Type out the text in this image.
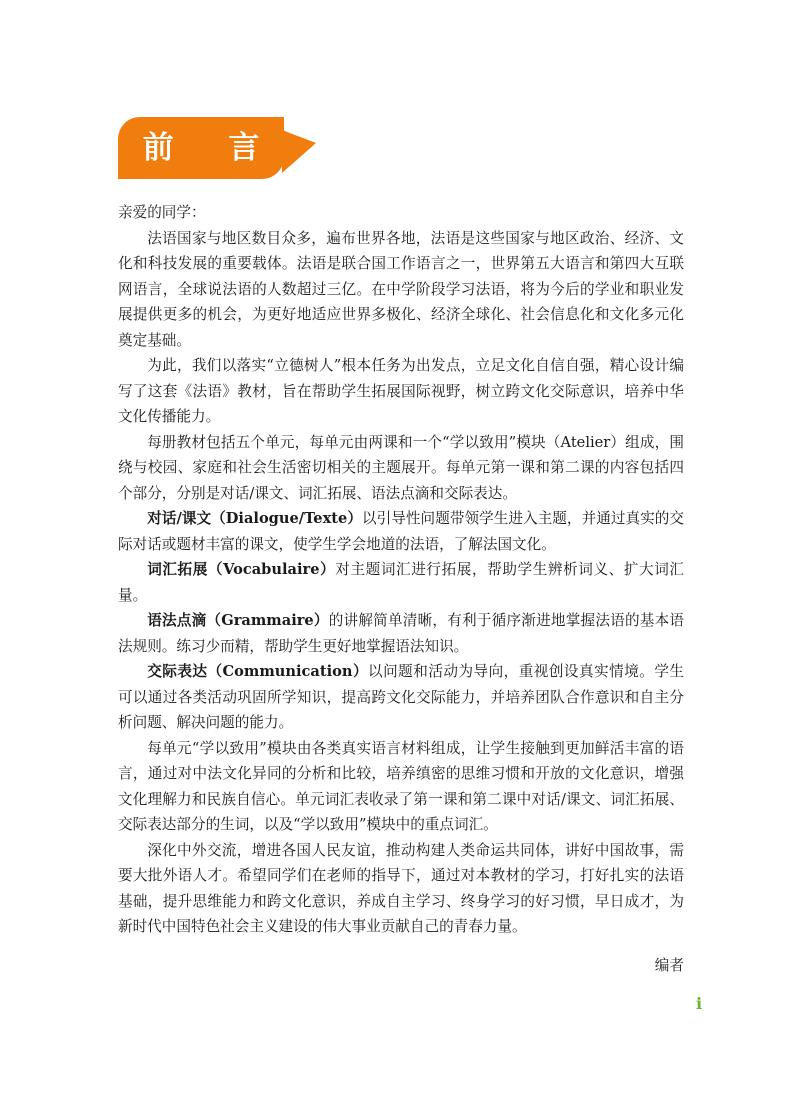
前 言

亲爱的同学：

法语国家与地区数目众多，遍布世界各地，法语是这些国家与地区政治、经济、文化和科技发展的重要载体。法语是联合国工作语言之一，世界第五大语言和第四大互联网语言，全球说法语的人数超过三亿。在中学阶段学习法语，将为今后的学业和职业发展提供更多的机会，为更好地适应世界多极化、经济全球化、社会信息化和文化多元化奠定基础。

为此，我们以落实“立德树人”根本任务为出发点，立足文化自信自强，精心设计编写了这套《法语》教材，旨在帮助学生拓展国际视野，树立跨文化交际意识，培养中华文化传播能力。

每册教材包括五个单元，每单元由两课和一个“学以致用”模块（Atelier）组成，围绕与校园、家庭和社会生活密切相关的主题展开。每单元第一课和第二课的内容包括四个部分，分别是对话/课文、词汇拓展、语法点滴和交际表达。

对话/课文（Dialogue/Texte）以引导性问题带领学生进入主题，并通过真实的交际对话或题材丰富的课文，使学生学会地道的法语，了解法国文化。

词汇拓展（Vocabulaire）对主题词汇进行拓展，帮助学生辨析词义、扩大词汇量。

语法点滴（Grammaire）的讲解简单清晰，有利于循序渐进地掌握法语的基本语法规则。练习少而精，帮助学生更好地掌握语法知识。

交际表达（Communication）以问题和活动为导向，重视创设真实情境。学生可以通过各类活动巩固所学知识，提高跨文化交际能力，并培养团队合作意识和自主分析问题、解决问题的能力。

每单元“学以致用”模块由各类真实语言材料组成，让学生接触到更加鲜活丰富的语言，通过对中法文化异同的分析和比较，培养缜密的思维习惯和开放的文化意识，增强文化理解力和民族自信心。单元词汇表收录了第一课和第二课中对话/课文、词汇拓展、交际表达部分的生词，以及“学以致用”模块中的重点词汇。

深化中外交流，增进各国人民友谊，推动构建人类命运共同体，讲好中国故事，需要大批外语人才。希望同学们在老师的指导下，通过对本教材的学习，打好扎实的法语基础，提升思维能力和跨文化意识，养成自主学习、终身学习的好习惯，早日成才，为新时代中国特色社会主义建设的伟大事业贡献自己的青春力量。

编者
i
